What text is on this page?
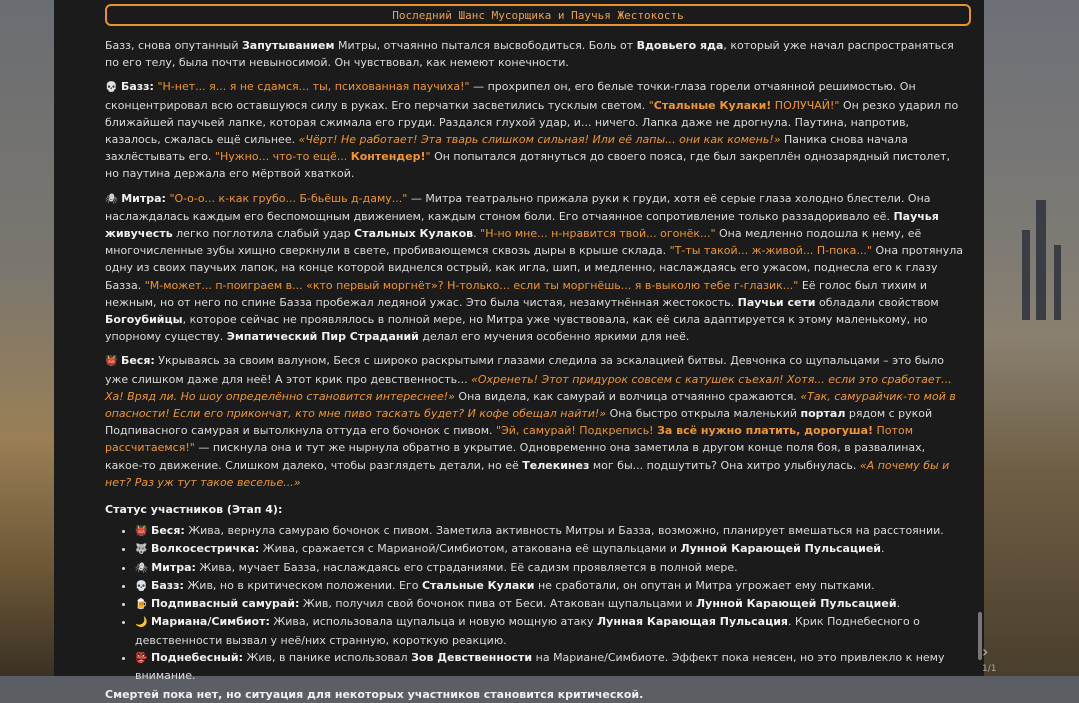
Последний Шанс Мусорщика и Паучья Жестокость

Базз, снова опутанный Запутыванием Митры, отчаянно пытался высвободиться. Боль от Вдовьего яда, который уже начал распространяться по его телу, была почти невыносимой. Он чувствовал, как немеют конечности.

💀 Базз: "Н-нет... я... я не сдамся... ты, психованная паучиха!" — прохрипел он, его белые точки-глаза горели отчаянной решимостью. Он сконцентрировал всю оставшуюся силу в руках. Его перчатки засветились тусклым светом. "Стальные Кулаки! ПОЛУЧАЙ!" Он резко ударил по ближайшей паучьей лапке, которая сжимала его груди. Раздался глухой удар, и... ничего. Лапка даже не дрогнула. Паутина, напротив, казалось, сжалась ещё сильнее. «Чёрт! Не работает! Эта тварь слишком сильная! Или её лапы... они как комень!» Паника снова начала захлёстывать его. "Нужно... что-то ещё... Контендер!" Он попытался дотянуться до своего пояса, где был закреплён однозарядный пистолет, но паутина держала его мёртвой хваткой.

🕷 Митра: "О-о-о... к-как грубо... Б-бьёшь д-даму..." — Митра театрально прижала руки к груди, хотя её серые глаза холодно блестели. Она наслаждалась каждым его беспомощным движением, каждым стоном боли. Его отчаянное сопротивление только раззадоривало её. Паучья живучесть легко поглотила слабый удар Стальных Кулаков. "Н-но мне... н-нравится твой... огонёк..." Она медленно подошла к нему, её многочисленные зубы хищно сверкнули в свете, пробивающемся сквозь дыры в крыше склада. "Т-ты такой... ж-живой... П-пока..." Она протянула одну из своих паучьих лапок, на конце которой виднелся острый, как игла, шип, и медленно, наслаждаясь его ужасом, поднесла его к глазу Базза. "М-может... п-поиграем в... «кто первый моргнёт»? Н-только... если ты моргнёшь... я в-выколю тебе г-глазик..." Её голос был тихим и нежным, но от него по спине Базза пробежал ледяной ужас. Это была чистая, незамутнённая жестокость. Паучьи сети обладали свойством Богоубийцы, которое сейчас не проявлялось в полной мере, но Митра уже чувствовала, как её сила адаптируется к этому маленькому, но упорному существу. Эмпатический Пир Страданий делал его мучения особенно яркими для неё.

👹 Беся: Укрываясь за своим валуном, Беся с широко раскрытыми глазами следила за эскалацией битвы. Девчонка со щупальцами – это было уже слишком даже для неё! А этот крик про девственность... «Охренеть! Этот придурок совсем с катушек съехал! Хотя... если это сработает... Ха! Вряд ли. Но шоу определённо становится интереснее!» Она видела, как самурай и волчица отчаянно сражаются. «Так, самурайчик-то мой в опасности! Если его прикончат, кто мне пиво таскать будет? И кофе обещал найти!» Она быстро открыла маленький портал рядом с рукой Подпивасного самурая и вытолкнула оттуда его бочонок с пивом. "Эй, самурай! Подкрепись! За всё нужно платить, дорогуша! Потом рассчитаемся!" — пискнула она и тут же нырнула обратно в укрытие. Одновременно она заметила в другом конце поля боя, в развалинах, какое-то движение. Слишком далеко, чтобы разглядеть детали, но её Телекинез мог бы... подшутить? Она хитро улыбнулась. «А почему бы и нет? Раз уж тут такое веселье...»

Статус участников (Этап 4):
• 👹 Беся: Жива, вернула самураю бочонок с пивом. Заметила активность Митры и Базза, возможно, планирует вмешаться на расстоянии.
• 🐺 Волкосестричка: Жива, сражается с Марианой/Симбиотом, атакована её щупальцами и Лунной Карающей Пульсацией.
• 🕷 Митра: Жива, мучает Базза, наслаждаясь его страданиями. Её садизм проявляется в полной мере.
• 💀 Базз: Жив, но в критическом положении. Его Стальные Кулаки не сработали, он опутан и Митра угрожает ему пытками.
• 🍺 Подпивасный самурай: Жив, получил свой бочонок пива от Беси. Атакован щупальцами и Лунной Карающей Пульсацией.
• 🌙 Мариана/Симбиот: Жива, использовала щупальца и новую мощную атаку Лунная Карающая Пульсация. Крик Поднебесного о девственности вызвал у неё/них странную, короткую реакцию.
• 👺 Поднебесный: Жив, в панике использовал Зов Девственности на Мариане/Симбиоте. Эффект пока неясен, но это привлекло к нему внимание.
Смертей пока нет, но ситуация для некоторых участников становится критической.
›
1/1
